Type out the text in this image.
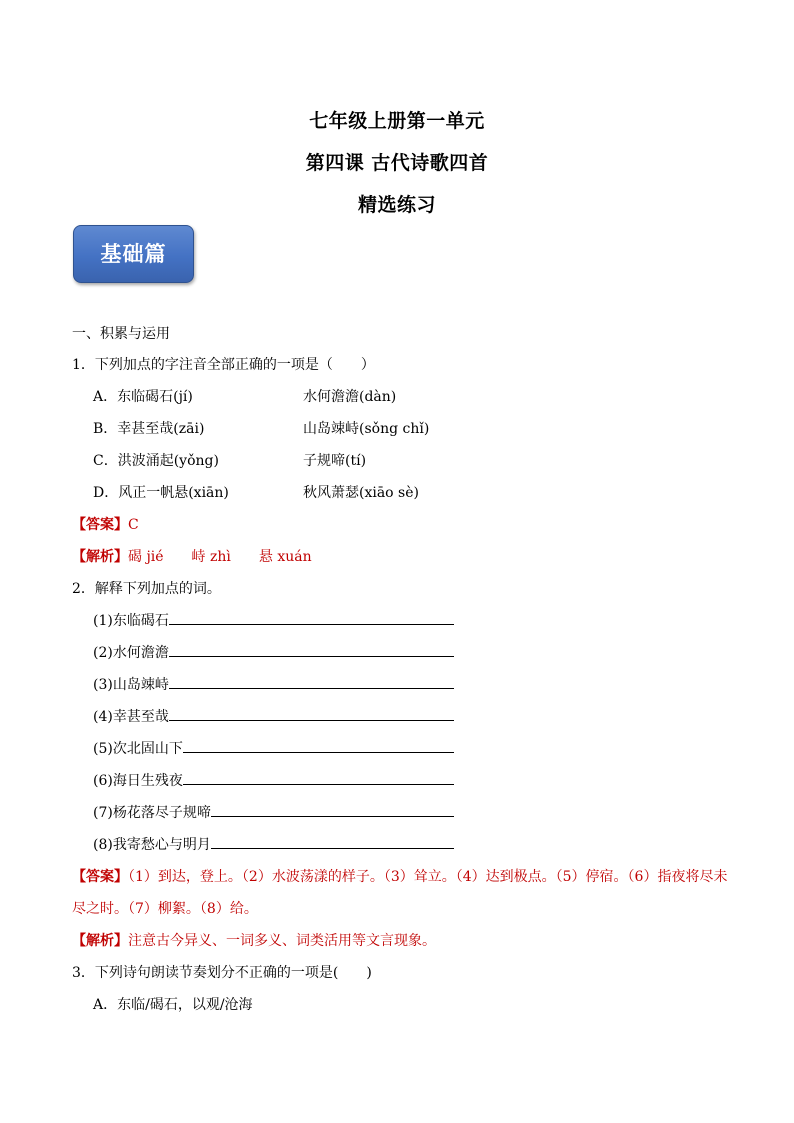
七年级上册第一单元
第四课 古代诗歌四首
精选练习
基础篇
一、积累与运用
1．下列加点的字注音全部正确的一项是（　　）
A．东临碣石(jí)	水何澹澹(dàn)
B．幸甚至哉(zāi)	山岛竦峙(sǒng chǐ)
C．洪波涌起(yǒng)	子规啼(tí)
D．风正一帆悬(xiān)	秋风萧瑟(xiāo sè)
【答案】C
【解析】碣 jié　　峙 zhì　　悬 xuán
2．解释下列加点的词。
(1)东临碣石
(2)水何澹澹
(3)山岛竦峙
(4)幸甚至哉
(5)次北固山下
(6)海日生残夜
(7)杨花落尽子规啼
(8)我寄愁心与明月
【答案】（1）到达，登上。（2）水波荡漾的样子。（3）耸立。（4）达到极点。（5）停宿。（6）指夜将尽未
尽之时。（7）柳絮。（8）给。
【解析】注意古今异义、一词多义、词类活用等文言现象。
3．下列诗句朗读节奏划分不正确的一项是(　　)
A．东临/碣石，以观/沧海
